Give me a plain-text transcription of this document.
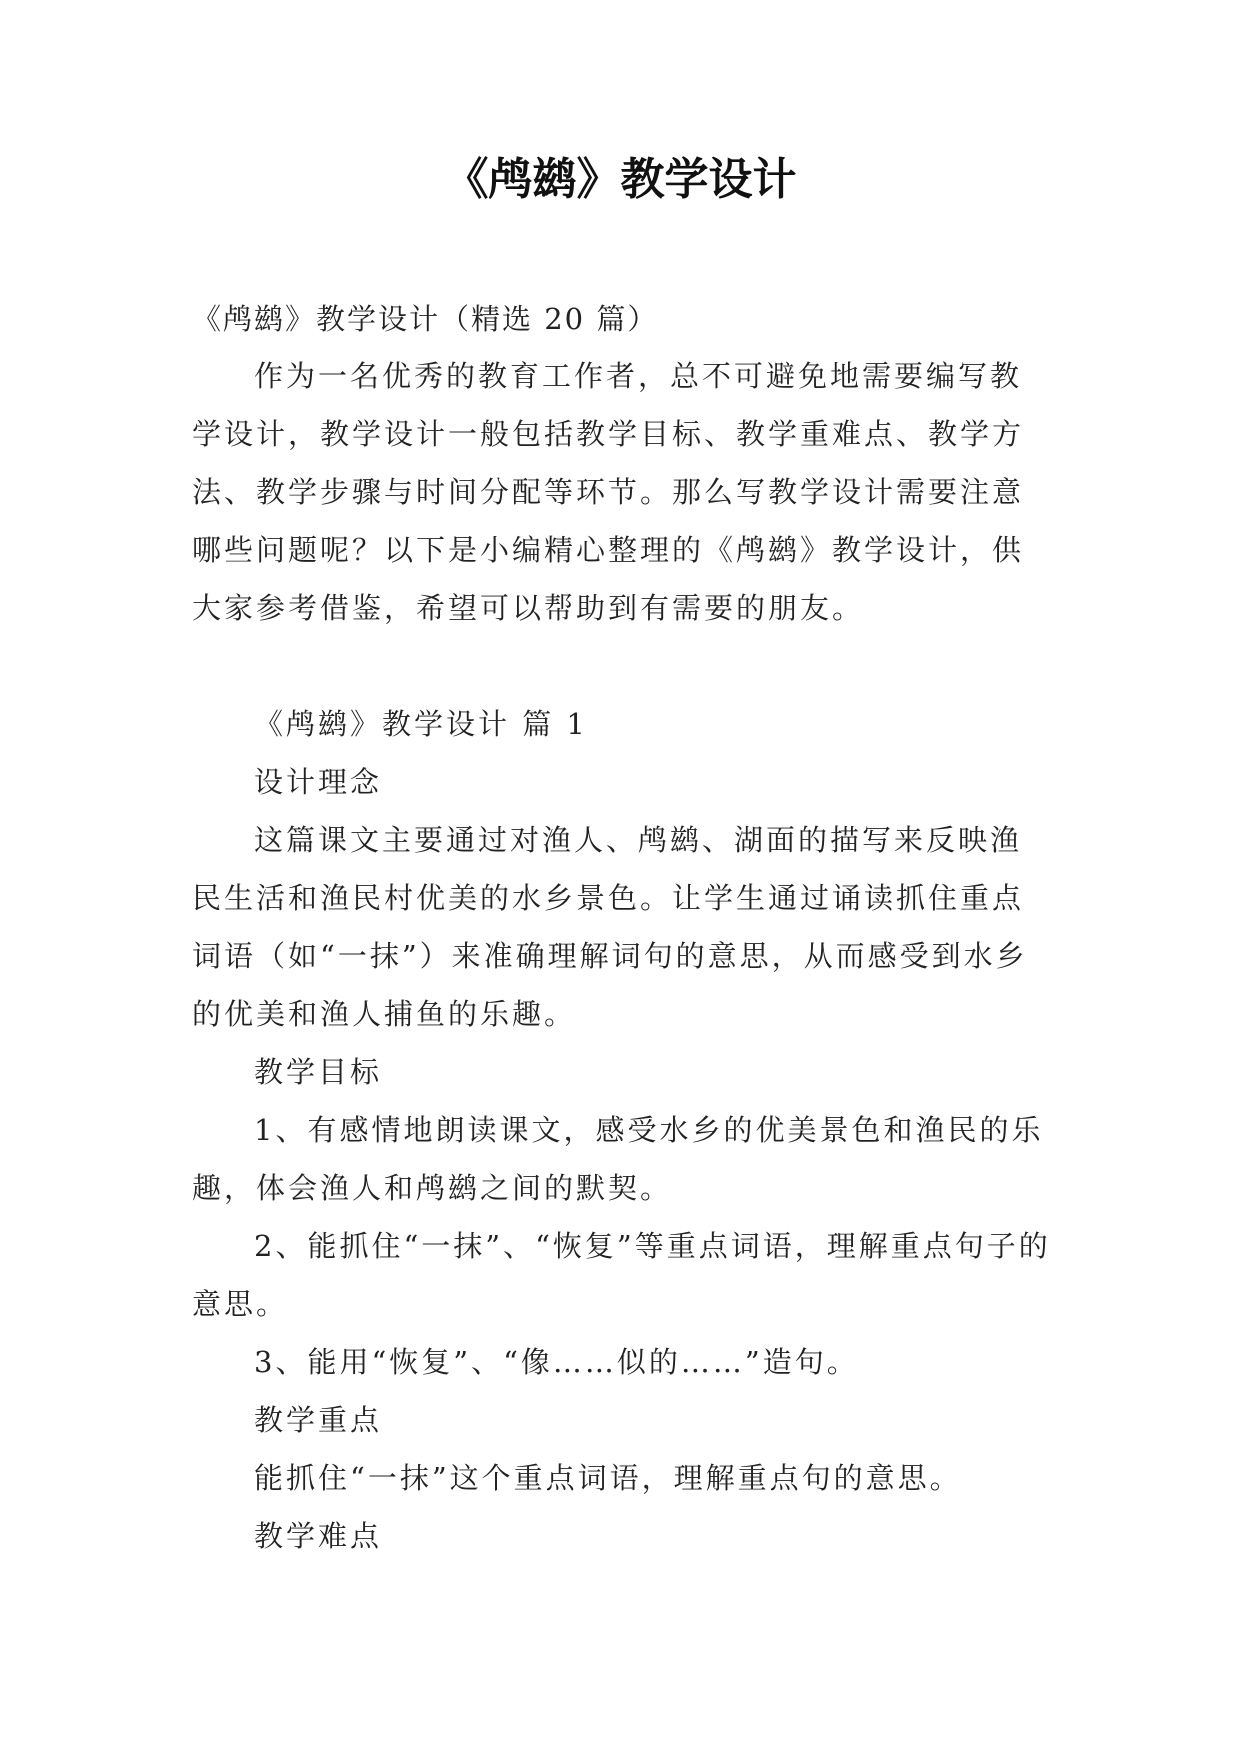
《鸬鹚》教学设计

《鸬鹚》教学设计（精选 20 篇）

作为一名优秀的教育工作者，总不可避免地需要编写教学设计，教学设计一般包括教学目标、教学重难点、教学方法、教学步骤与时间分配等环节。那么写教学设计需要注意哪些问题呢？以下是小编精心整理的《鸬鹚》教学设计，供大家参考借鉴，希望可以帮助到有需要的朋友。

《鸬鹚》教学设计 篇 1

设计理念

这篇课文主要通过对渔人、鸬鹚、湖面的描写来反映渔民生活和渔民村优美的水乡景色。让学生通过诵读抓住重点词语（如“一抹”）来准确理解词句的意思，从而感受到水乡的优美和渔人捕鱼的乐趣。

教学目标

1、有感情地朗读课文，感受水乡的优美景色和渔民的乐趣，体会渔人和鸬鹚之间的默契。

2、能抓住“一抹”、“恢复”等重点词语，理解重点句子的意思。

3、能用“恢复”、“像……似的……”造句。

教学重点

能抓住“一抹”这个重点词语，理解重点句的意思。

教学难点
